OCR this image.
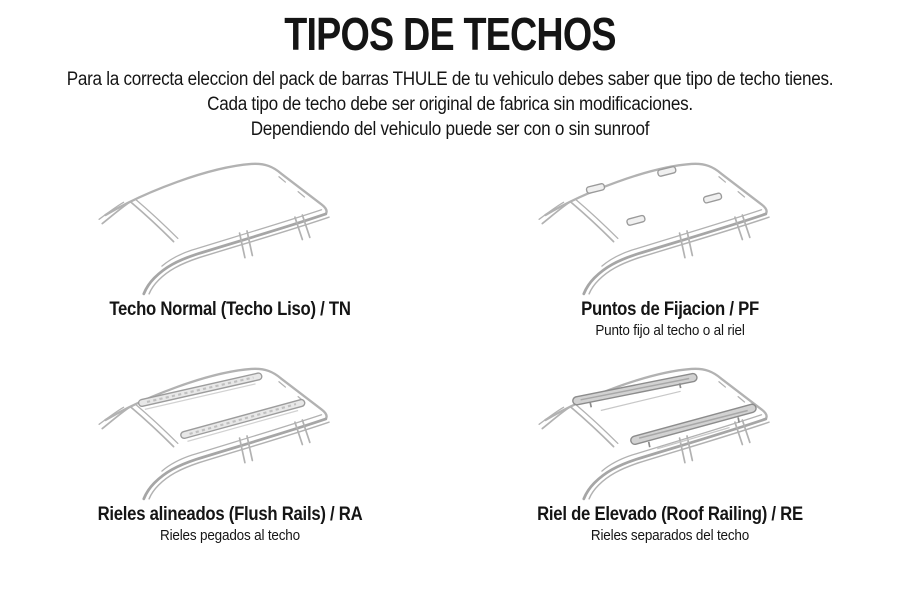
TIPOS DE TECHOS
Para la correcta eleccion del pack de barras THULE de tu vehiculo debes saber que tipo de techo tienes.
Cada tipo de techo debe ser original de fabrica sin modificaciones.
Dependiendo del vehiculo puede ser con o sin sunroof
Techo Normal (Techo Liso) / TN	Puntos de Fijacion / PF
Punto fijo al techo o al riel
Rieles alineados (Flush Rails) / RA
Rieles pegados al techo
Riel de Elevado (Roof Railing) / RE
Rieles separados del techo
